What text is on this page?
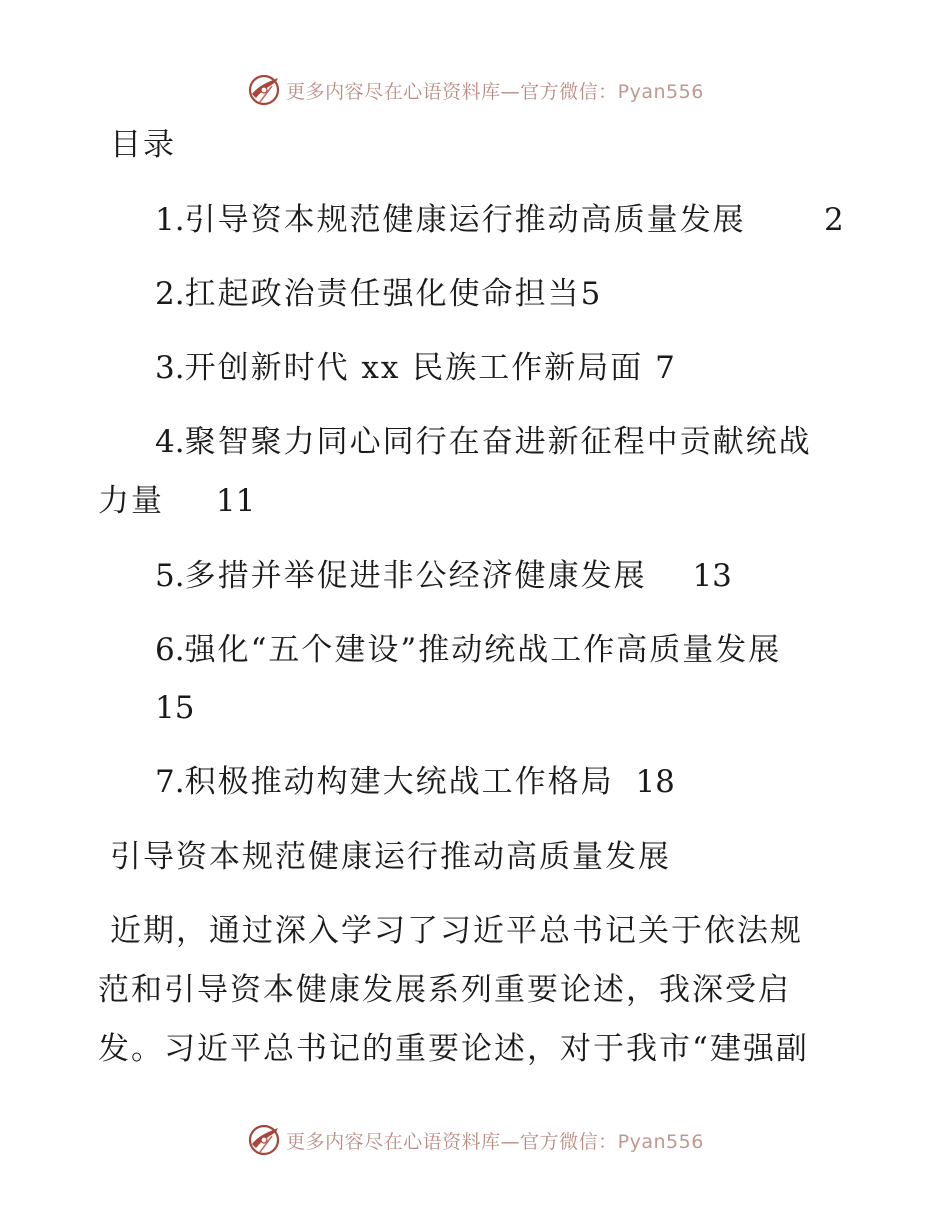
更多内容尽在心语资料库—官方微信：Pyan556
目录
1.引导资本规范健康运行推动高质量发展	2
2.扛起政治责任强化使命担当5
3.开创新时代 xx 民族工作新局面 7
4.聚智聚力同心同行在奋进新征程中贡献统战
力量 11
5.多措并举促进非公经济健康发展 13
6.强化“五个建设”推动统战工作高质量发展
15
7.积极推动构建大统战工作格局 18
引导资本规范健康运行推动高质量发展
近期，通过深入学习了习近平总书记关于依法规
范和引导资本健康发展系列重要论述，我深受启
发。习近平总书记的重要论述，对于我市“建强副
更多内容尽在心语资料库—官方微信：Pyan556
